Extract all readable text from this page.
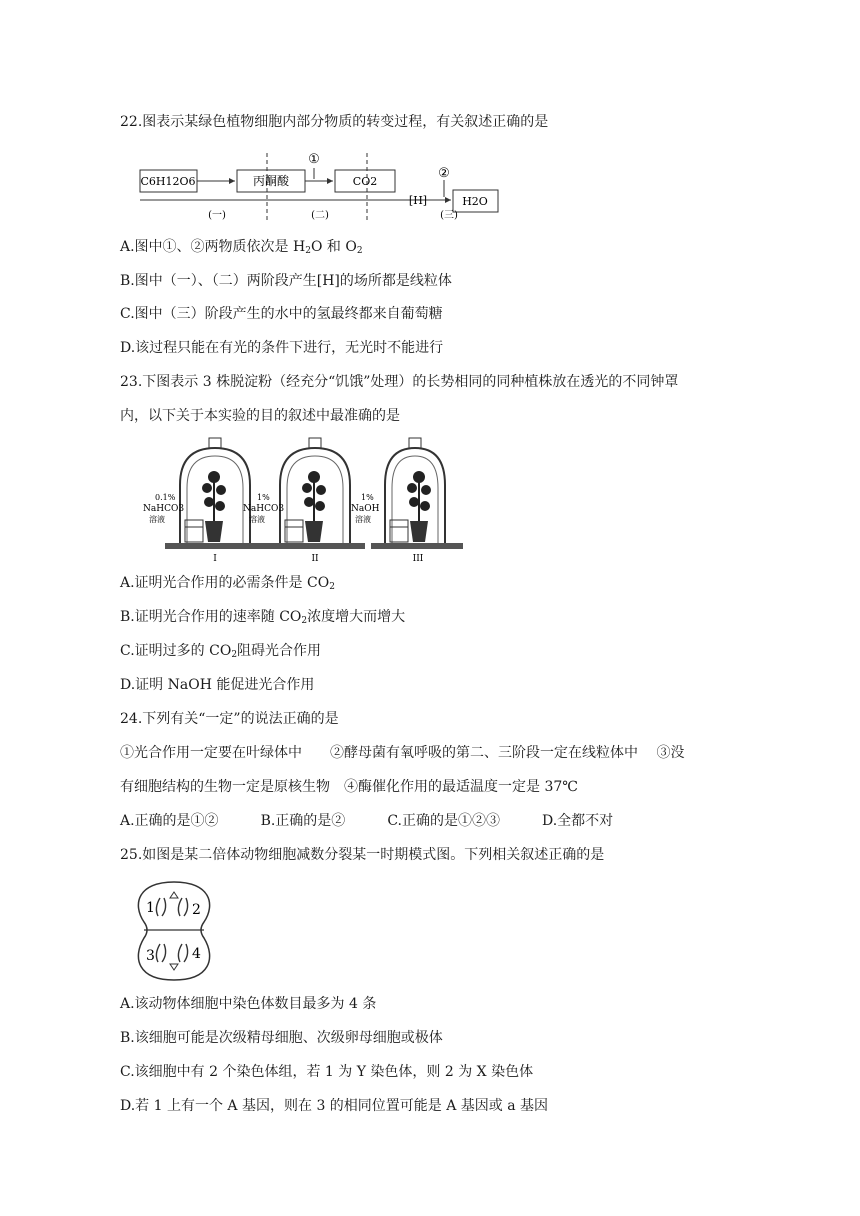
22.图表示某绿色植物细胞内部分物质的转变过程，有关叙述正确的是
C6H12O6	丙酮酸	CO2
H2O
[H]
①
②
(一)	(二)	(三)
A.图中①、②两物质依次是 $H_2O$ 和 $O_2$
B.图中（一）、（二）两阶段产生[H]的场所都是线粒体
C.图中（三）阶段产生的水中的氢最终都来自葡萄糖
D.该过程只能在有光的条件下进行，无光时不能进行
23.下图表示 3 株脱淀粉（经充分“饥饿”处理）的长势相同的同种植株放在透光的不同钟罩
内，以下关于本实验的目的叙述中最准确的是
0.1%
NaHCO3
溶液
I
1%
NaHCO3
溶液
II
1%
NaOH
溶液
III
A.证明光合作用的必需条件是 $CO_2$
B.证明光合作用的速率随 $CO_2$浓度增大而增大
C.证明过多的 $CO_2$阻碍光合作用
D.证明 NaOH 能促进光合作用
24.下列有关“一定”的说法正确的是
①光合作用一定要在叶绿体中　　②酵母菌有氧呼吸的第二、三阶段一定在线粒体中　 ③没
有细胞结构的生物一定是原核生物　④酶催化作用的最适温度一定是 37℃
A.正确的是①②	B.正确的是②	C.正确的是①②③	D.全都不对
25.如图是某二倍体动物细胞减数分裂某一时期模式图。下列相关叙述正确的是
1	2
3	4
A.该动物体细胞中染色体数目最多为 4 条
B.该细胞可能是次级精母细胞、次级卵母细胞或极体
C.该细胞中有 2 个染色体组，若 1 为 Y 染色体，则 2 为 X 染色体
D.若 1 上有一个 A 基因，则在 3 的相同位置可能是 A 基因或 a 基因
